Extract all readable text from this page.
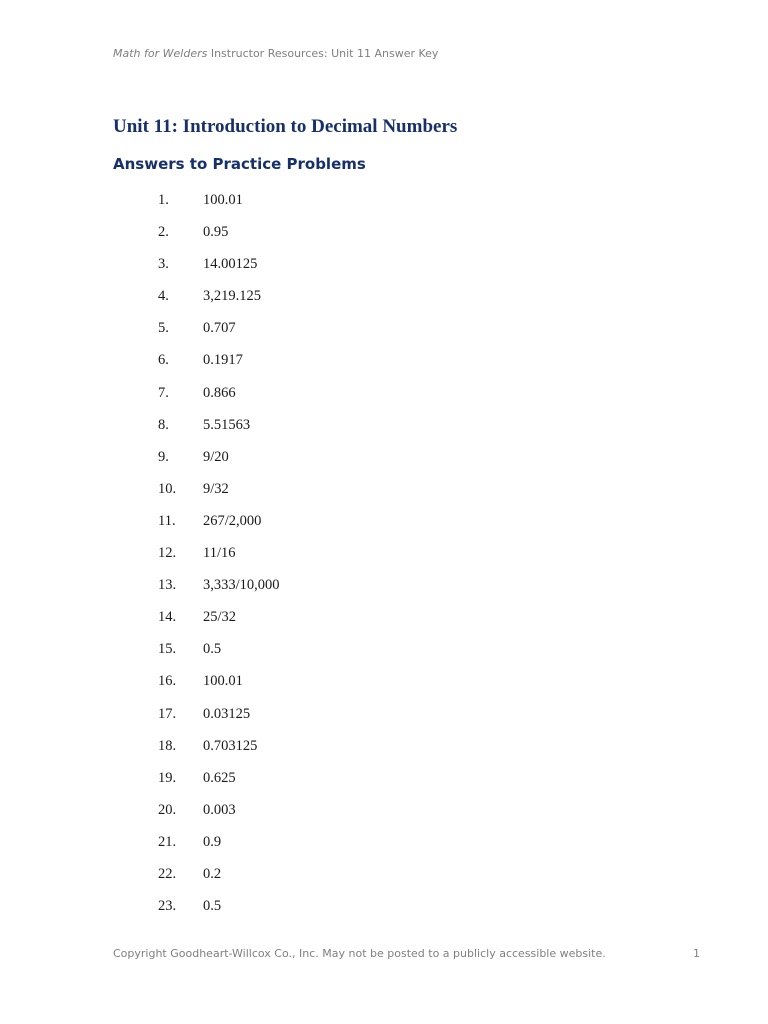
Math for Welders Instructor Resources: Unit 11 Answer Key
Unit 11: Introduction to Decimal Numbers
Answers to Practice Problems
1.	100.01
2.	0.95
3.	14.00125
4.	3,219.125
5.	0.707
6.	0.1917
7.	0.866
8.	5.51563
9.	9/20
10.	9/32
11.	267/2,000
12.	11/16
13.	3,333/10,000
14.	25/32
15.	0.5
16.	100.01
17.	0.03125
18.	0.703125
19.	0.625
20.	0.003
21.	0.9
22.	0.2
23.	0.5
Copyright Goodheart-Willcox Co., Inc. May not be posted to a publicly accessible website.	1
